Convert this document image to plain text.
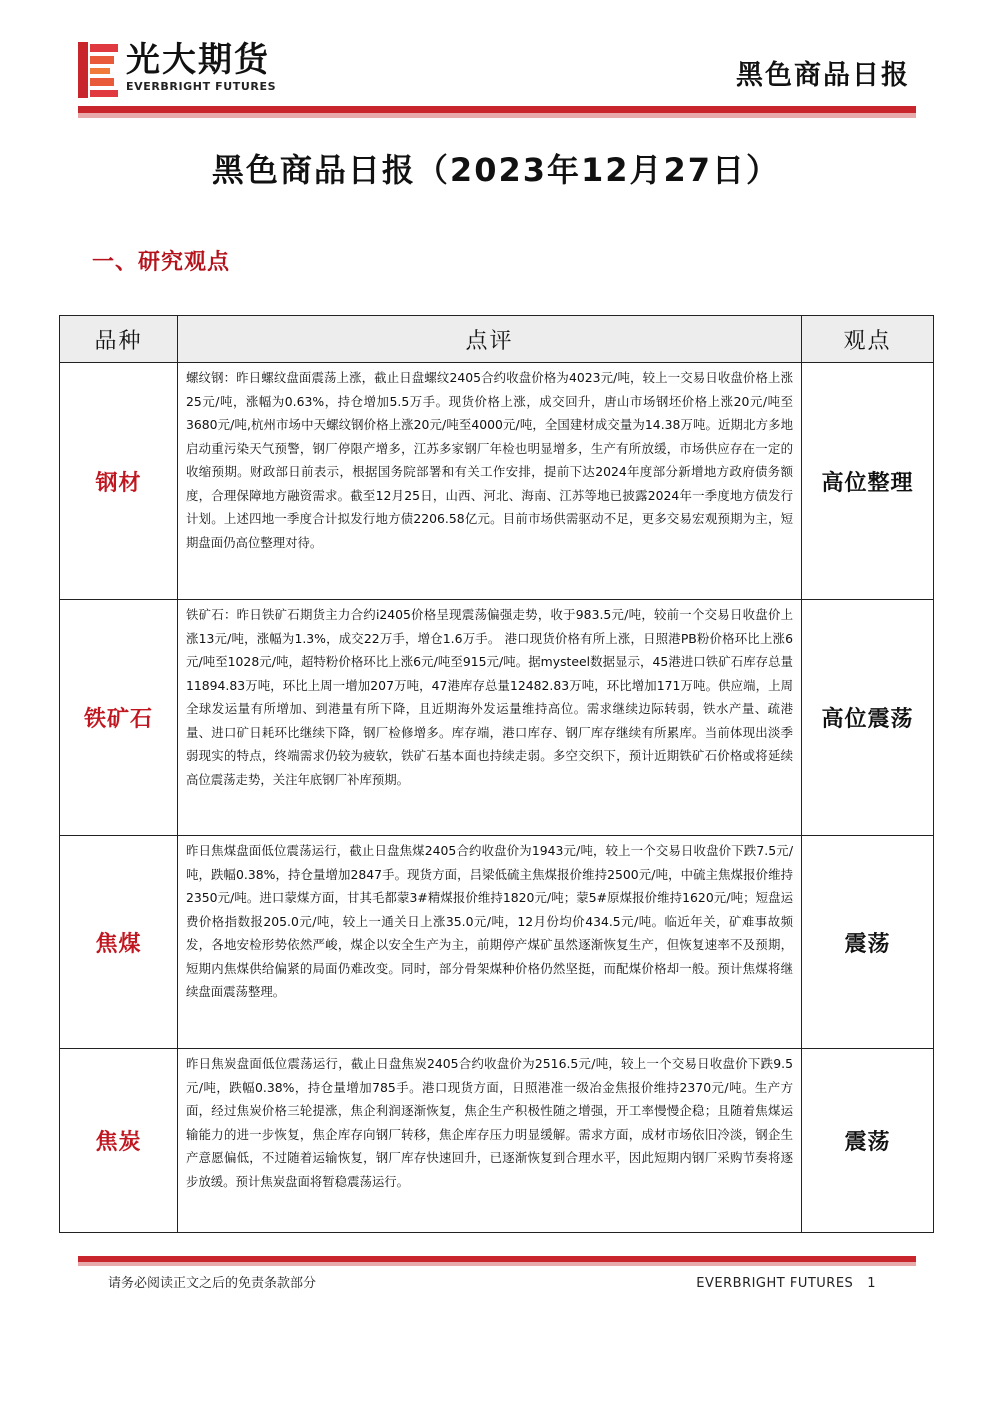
光大期货
EVERBRIGHT FUTURES	黑色商品日报
黑色商品日报（2023年12月27日）
一、研究观点
品种	点评	观点
钢材	螺纹钢：昨日螺纹盘面震荡上涨，截止日盘螺纹2405合约收盘价格为4023元/吨，较上一交易日收盘价格上涨25元/吨，涨幅为0.63%，持仓增加5.5万手。现货价格上涨，成交回升，唐山市场钢坯价格上涨20元/吨至3680元/吨,杭州市场中天螺纹钢价格上涨20元/吨至4000元/吨，全国建材成交量为14.38万吨。近期北方多地启动重污染天气预警，钢厂停限产增多，江苏多家钢厂年检也明显增多，生产有所放缓，市场供应存在一定的收缩预期。财政部日前表示，根据国务院部署和有关工作安排，提前下达2024年度部分新增地方政府债务额度，合理保障地方融资需求。截至12月25日，山西、河北、海南、江苏等地已披露2024年一季度地方债发行计划。上述四地一季度合计拟发行地方债2206.58亿元。目前市场供需驱动不足，更多交易宏观预期为主，短期盘面仍高位整理对待。	高位整理
铁矿石	铁矿石：昨日铁矿石期货主力合约i2405价格呈现震荡偏强走势，收于983.5元/吨，较前一个交易日收盘价上涨13元/吨，涨幅为1.3%，成交22万手，增仓1.6万手。 港口现货价格有所上涨，日照港PB粉价格环比上涨6元/吨至1028元/吨，超特粉价格环比上涨6元/吨至915元/吨。据mysteel数据显示，45港进口铁矿石库存总量11894.83万吨，环比上周一增加207万吨，47港库存总量12482.83万吨，环比增加171万吨。供应端，上周全球发运量有所增加、到港量有所下降，且近期海外发运量维持高位。需求继续边际转弱，铁水产量、疏港量、进口矿日耗环比继续下降，钢厂检修增多。库存端，港口库存、钢厂库存继续有所累库。当前体现出淡季弱现实的特点，终端需求仍较为疲软，铁矿石基本面也持续走弱。多空交织下，预计近期铁矿石价格或将延续高位震荡走势，关注年底钢厂补库预期。	高位震荡
焦煤	昨日焦煤盘面低位震荡运行，截止日盘焦煤2405合约收盘价为1943元/吨，较上一个交易日收盘价下跌7.5元/吨，跌幅0.38%，持仓量增加2847手。现货方面，吕梁低硫主焦煤报价维持2500元/吨，中硫主焦煤报价维持2350元/吨。进口蒙煤方面，甘其毛都蒙3#精煤报价维持1820元/吨；蒙5#原煤报价维持1620元/吨；短盘运费价格指数报205.0元/吨，较上一通关日上涨35.0元/吨，12月份均价434.5元/吨。临近年关，矿难事故频发，各地安检形势依然严峻，煤企以安全生产为主，前期停产煤矿虽然逐渐恢复生产，但恢复速率不及预期，短期内焦煤供给偏紧的局面仍难改变。同时，部分骨架煤种价格仍然坚挺，而配煤价格却一般。预计焦煤将继续盘面震荡整理。	震荡
焦炭	昨日焦炭盘面低位震荡运行，截止日盘焦炭2405合约收盘价为2516.5元/吨，较上一个交易日收盘价下跌9.5元/吨，跌幅0.38%，持仓量增加785手。港口现货方面，日照港准一级冶金焦报价维持2370元/吨。生产方面，经过焦炭价格三轮提涨，焦企利润逐渐恢复，焦企生产积极性随之增强，开工率慢慢企稳；且随着焦煤运输能力的进一步恢复，焦企库存向钢厂转移，焦企库存压力明显缓解。需求方面，成材市场依旧冷淡，钢企生产意愿偏低，不过随着运输恢复，钢厂库存快速回升，已逐渐恢复到合理水平，因此短期内钢厂采购节奏将逐步放缓。预计焦炭盘面将暂稳震荡运行。	震荡
请务必阅读正文之后的免责条款部分	EVERBRIGHT FUTURES 1
